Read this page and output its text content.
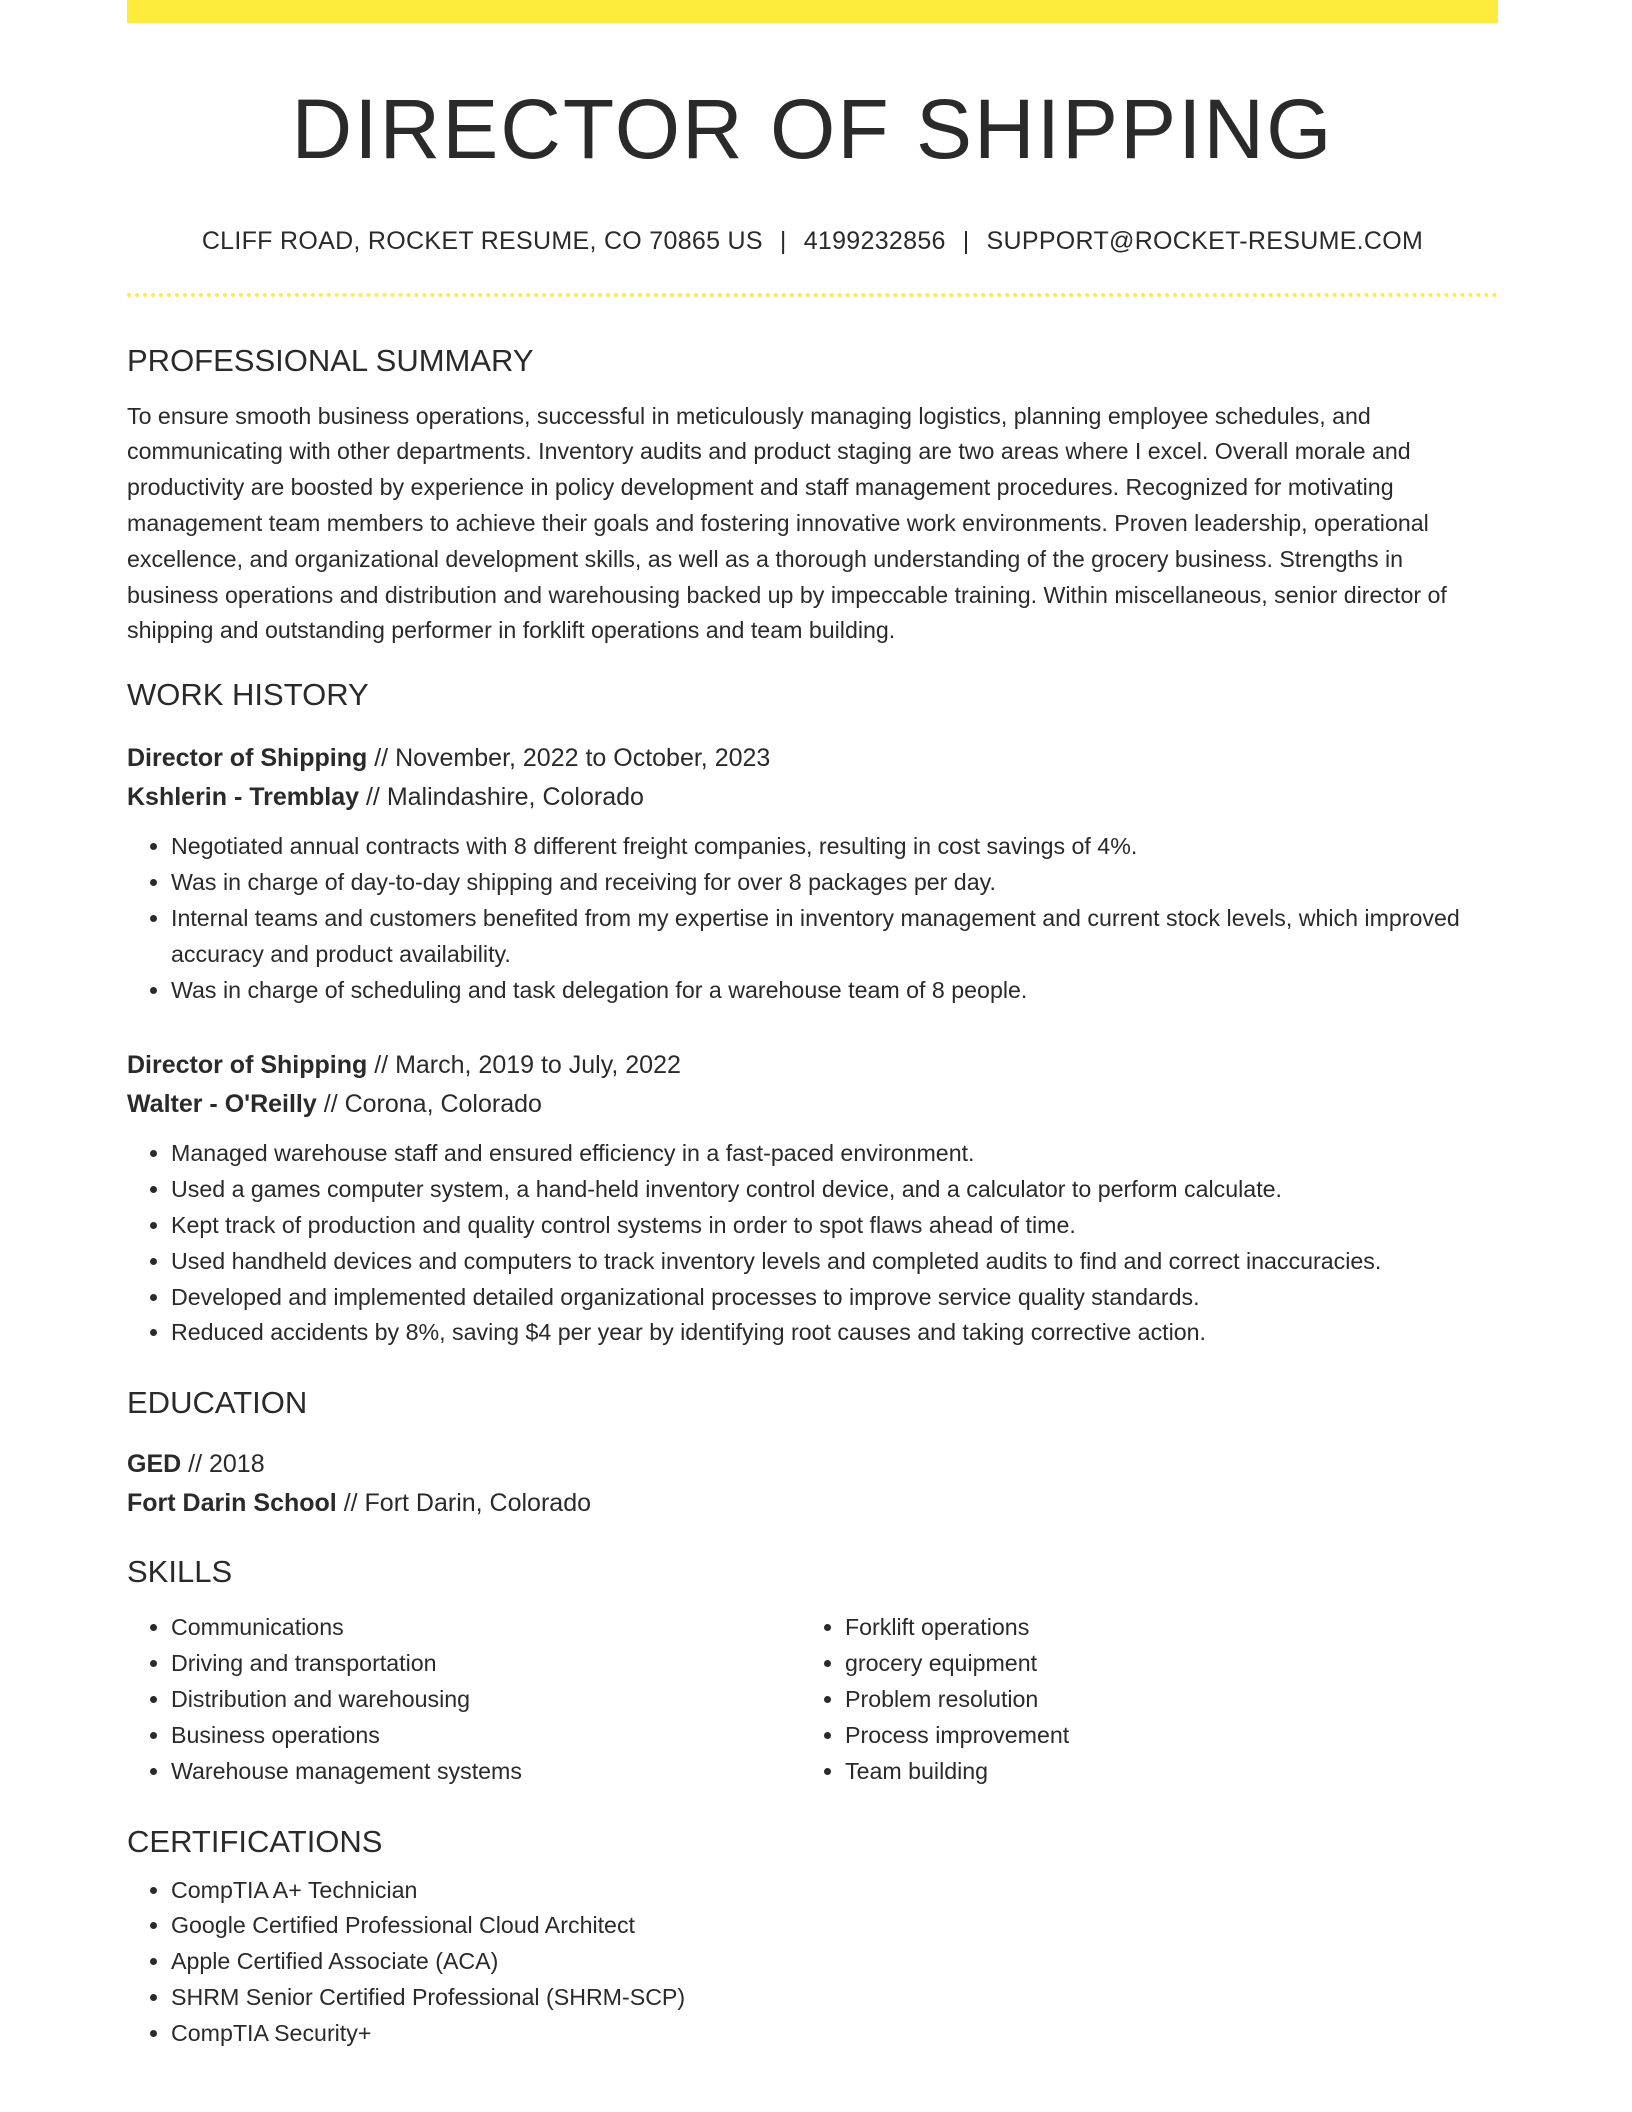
DIRECTOR OF SHIPPING
CLIFF ROAD, ROCKET RESUME, CO 70865 US | 4199232856 | SUPPORT@ROCKET-RESUME.COM
PROFESSIONAL SUMMARY

To ensure smooth business operations, successful in meticulously managing logistics, planning employee schedules, and communicating with other departments. Inventory audits and product staging are two areas where I excel. Overall morale and productivity are boosted by experience in policy development and staff management procedures. Recognized for motivating management team members to achieve their goals and fostering innovative work environments. Proven leadership, operational excellence, and organizational development skills, as well as a thorough understanding of the grocery business. Strengths in business operations and distribution and warehousing backed up by impeccable training. Within miscellaneous, senior director of shipping and outstanding performer in forklift operations and team building.

WORK HISTORY
Director of Shipping // November, 2022 to October, 2023
Kshlerin - Tremblay // Malindashire, Colorado
• Negotiated annual contracts with 8 different freight companies, resulting in cost savings of 4%.
• Was in charge of day-to-day shipping and receiving for over 8 packages per day.
• Internal teams and customers benefited from my expertise in inventory management and current stock levels, which improved accuracy and product availability.
• Was in charge of scheduling and task delegation for a warehouse team of 8 people.
Director of Shipping // March, 2019 to July, 2022
Walter - O'Reilly // Corona, Colorado
• Managed warehouse staff and ensured efficiency in a fast-paced environment.
• Used a games computer system, a hand-held inventory control device, and a calculator to perform calculate.
• Kept track of production and quality control systems in order to spot flaws ahead of time.
• Used handheld devices and computers to track inventory levels and completed audits to find and correct inaccuracies.
• Developed and implemented detailed organizational processes to improve service quality standards.
• Reduced accidents by 8%, saving $4 per year by identifying root causes and taking corrective action.
EDUCATION
GED // 2018
Fort Darin School // Fort Darin, Colorado
SKILLS
• Communications
• Driving and transportation
• Distribution and warehousing
• Business operations
• Warehouse management systems
• Forklift operations
• grocery equipment
• Problem resolution
• Process improvement
• Team building
CERTIFICATIONS
• CompTIA A+ Technician
• Google Certified Professional Cloud Architect
• Apple Certified Associate (ACA)
• SHRM Senior Certified Professional (SHRM-SCP)
• CompTIA Security+
